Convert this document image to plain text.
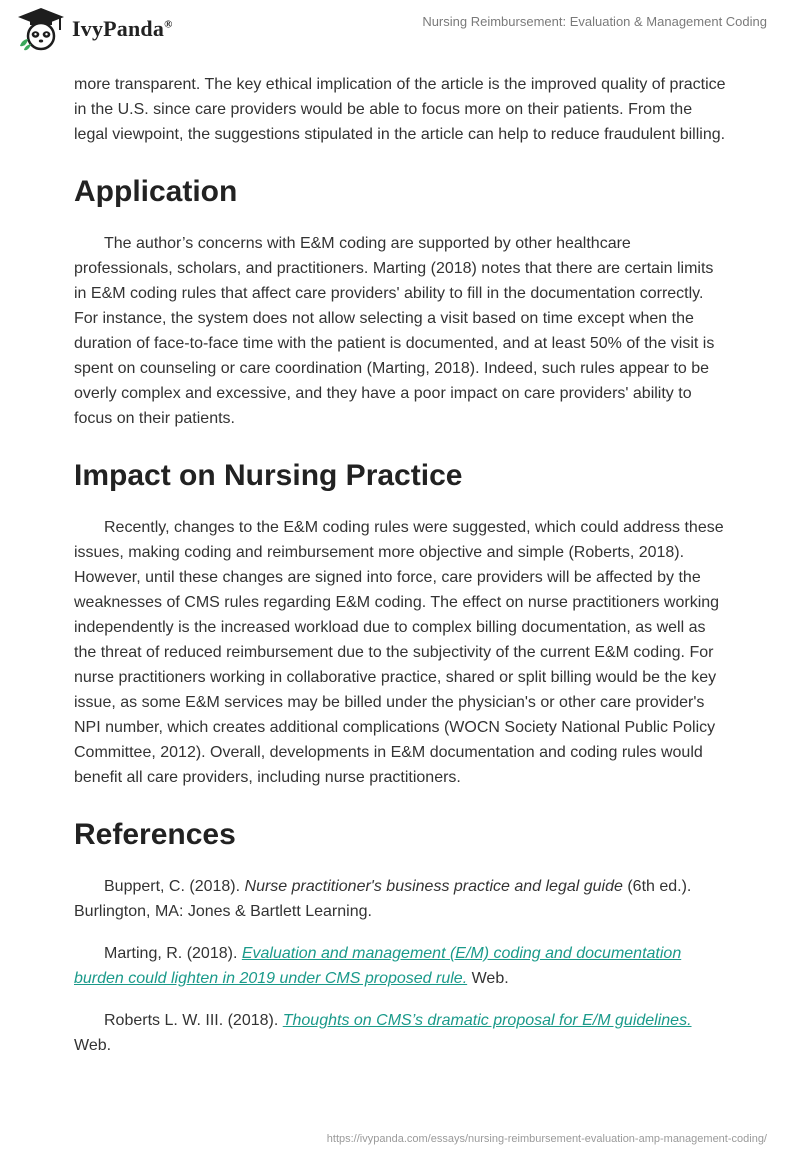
IvyPanda®	Nursing Reimbursement: Evaluation & Management Coding

more transparent. The key ethical implication of the article is the improved quality of practice in the U.S. since care providers would be able to focus more on their patients. From the legal viewpoint, the suggestions stipulated in the article can help to reduce fraudulent billing.

Application

The author’s concerns with E&M coding are supported by other healthcare professionals, scholars, and practitioners. Marting (2018) notes that there are certain limits in E&M coding rules that affect care providers' ability to fill in the documentation correctly. For instance, the system does not allow selecting a visit based on time except when the duration of face-to-face time with the patient is documented, and at least 50% of the visit is spent on counseling or care coordination (Marting, 2018). Indeed, such rules appear to be overly complex and excessive, and they have a poor impact on care providers' ability to focus on their patients.

Impact on Nursing Practice

Recently, changes to the E&M coding rules were suggested, which could address these issues, making coding and reimbursement more objective and simple (Roberts, 2018). However, until these changes are signed into force, care providers will be affected by the weaknesses of CMS rules regarding E&M coding. The effect on nurse practitioners working independently is the increased workload due to complex billing documentation, as well as the threat of reduced reimbursement due to the subjectivity of the current E&M coding. For nurse practitioners working in collaborative practice, shared or split billing would be the key issue, as some E&M services may be billed under the physician's or other care provider's NPI number, which creates additional complications (WOCN Society National Public Policy Committee, 2012). Overall, developments in E&M documentation and coding rules would benefit all care providers, including nurse practitioners.

References

Buppert, C. (2018). Nurse practitioner's business practice and legal guide (6th ed.). Burlington, MA: Jones & Bartlett Learning.

Marting, R. (2018). Evaluation and management (E/M) coding and documentation burden could lighten in 2019 under CMS proposed rule. Web.

Roberts L. W. III. (2018). Thoughts on CMS’s dramatic proposal for E/M guidelines. Web.

https://ivypanda.com/essays/nursing-reimbursement-evaluation-amp-management-coding/
